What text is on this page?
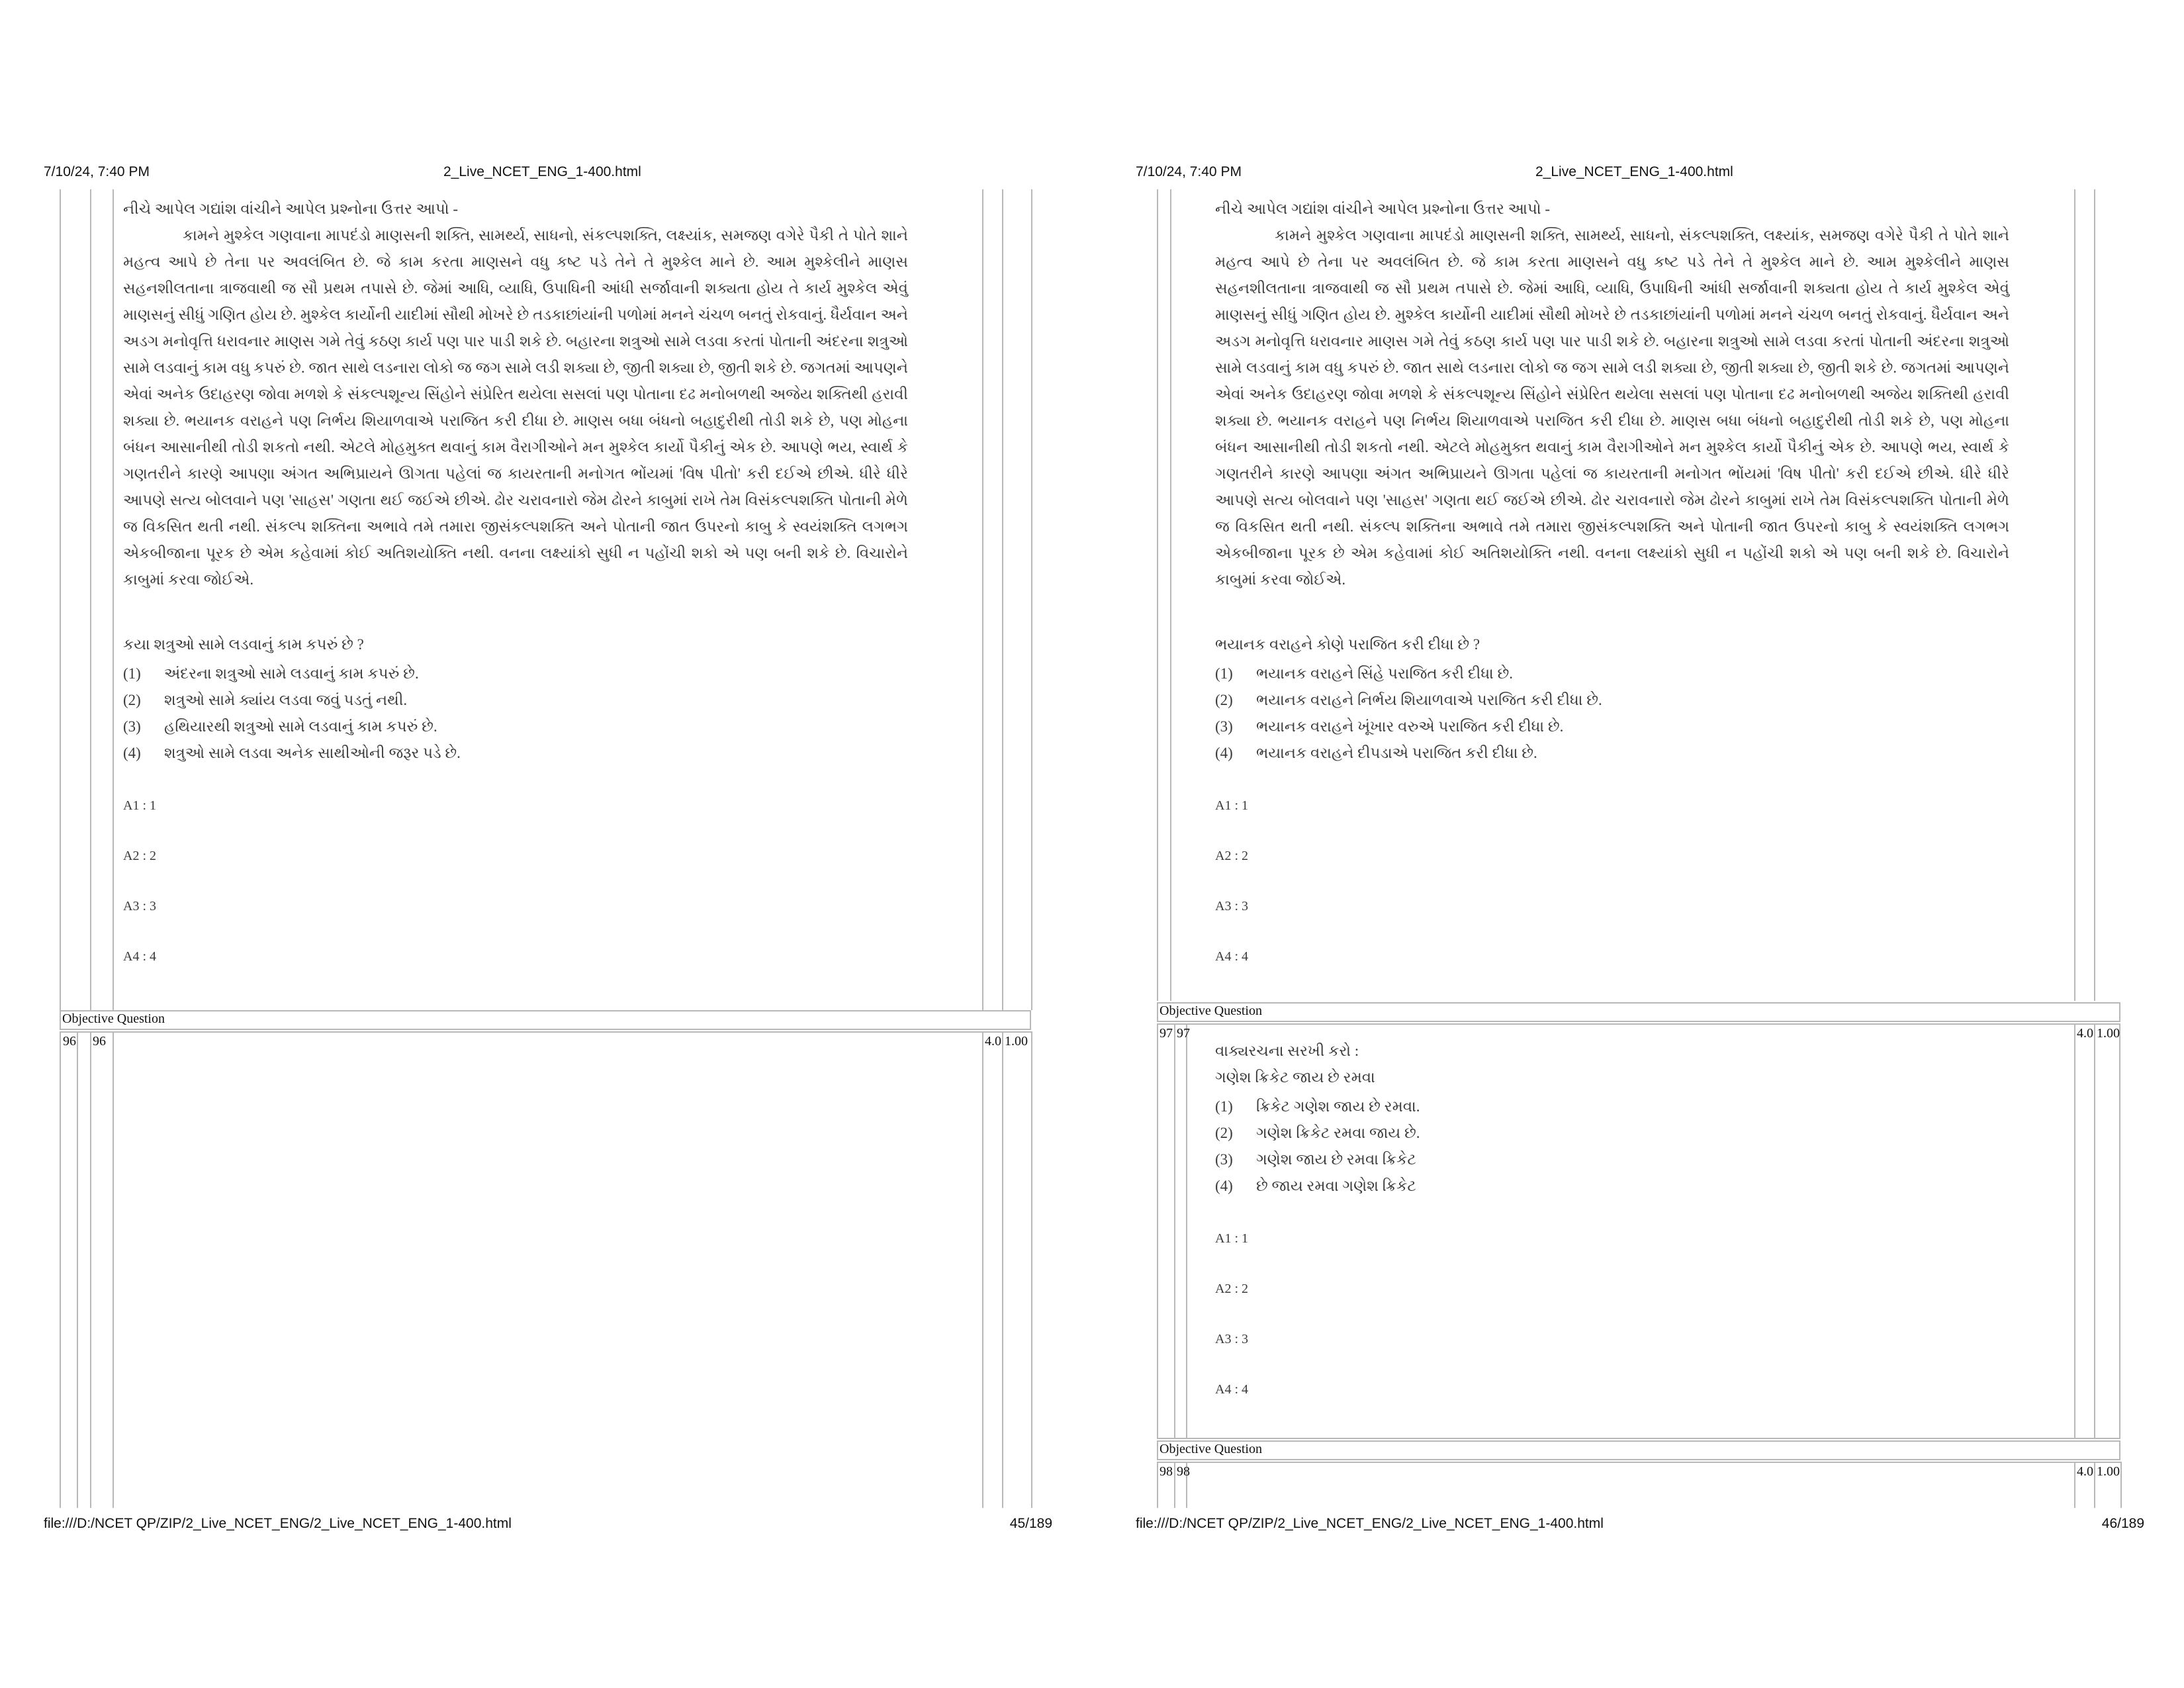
7/10/24, 7:40 PM	2_Live_NCET_ENG_1-400.html

નીચે આપેલ ગદ્યાંશ વાંચીને આપેલ પ્રશ્નોના ઉત્તર આપો -

કામને મુશ્કેલ ગણવાના માપદંડો માણસની શક્તિ, સામર્થ્ય, સાધનો, સંકલ્પશક્તિ, લક્ષ્યાંક, સમજણ વગેરે પૈકી તે પોતે શાને મહત્વ આપે છે તેના પર અવલંબિત છે. જે કામ કરતા માણસને વધુ કષ્ટ પડે તેને તે મુશ્કેલ માને છે. આમ મુશ્કેલીને માણસ સહનશીલતાના ત્રાજવાથી જ સૌ પ્રથમ તપાસે છે. જેમાં આધિ, વ્યાધિ, ઉપાધિની આંધી સર્જાવાની શક્યતા હોય તે કાર્ય મુશ્કેલ એવું માણસનું સીધું ગણિત હોય છે. મુશ્કેલ કાર્યોની યાદીમાં સૌથી મોખરે છે તડકાછાંયાંની પળોમાં મનને ચંચળ બનતું રોકવાનું. ધૈર્યવાન અને અડગ મનોવૃત્તિ ધરાવનાર માણસ ગમે તેવું કઠણ કાર્ય પણ પાર પાડી શકે છે. બહારના શત્રુઓ સામે લડવા કરતાં પોતાની અંદરના શત્રુઓ સામે લડવાનું કામ વધુ કપરું છે. જાત સાથે લડનારા લોકો જ જગ સામે લડી શક્યા છે, જીતી શક્યા છે, જીતી શકે છે. જગતમાં આપણને એવાં અનેક ઉદાહરણ જોવા મળશે કે સંકલ્પશૂન્ય સિંહોને સંપ્રેરિત થયેલા સસલાં પણ પોતાના દઢ મનોબળથી અજેય શક્તિથી હરાવી શક્યા છે. ભયાનક વરાહને પણ નિર્ભય શિયાળવાએ પરાજિત કરી દીધા છે. માણસ બધા બંધનો બહાદુરીથી તોડી શકે છે, પણ મોહના બંધન આસાનીથી તોડી શકતો નથી. એટલે મોહમુક્ત થવાનું કામ વૈરાગીઓને મન મુશ્કેલ કાર્યો પૈકીનું એક છે. આપણે ભય, સ્વાર્થ કે ગણતરીને કારણે આપણા અંગત અભિપ્રાયને ઊગતા પહેલાં જ કાયરતાની મનોગત ભોંયમાં 'વિષ પીતો' કરી દઈએ છીએ. ધીરે ધીરે આપણે સત્ય બોલવાને પણ 'સાહસ' ગણતા થઈ જઈએ છીએ. ઢોર ચરાવનારો જેમ ઢોરને કાબુમાં રાખે તેમ વિસંકલ્પશક્તિ પોતાની મેળે જ વિકસિત થતી નથી. સંકલ્પ શક્તિના અભાવે તમે તમારા જીસંકલ્પશક્તિ અને પોતાની જાત ઉપરનો કાબુ કે સ્વયંશક્તિ લગભગ એકબીજાના પૂરક છે એમ કહેવામાં કોઈ અતિશયોક્તિ નથી. વનના લક્ષ્યાંકો સુધી ન પહોંચી શકો એ પણ બની શકે છે. વિચારોને કાબુમાં કરવા જોઈએ.

કયા શત્રુઓ સામે લડવાનું કામ કપરું છે ?

(1)	અંદરના શત્રુઓ સામે લડવાનું કામ કપરું છે.
(2)	શત્રુઓ સામે ક્યાંય લડવા જવું પડતું નથી.
(3)	હથિયારથી શત્રુઓ સામે લડવાનું કામ કપરું છે.
(4)	શત્રુઓ સામે લડવા અનેક સાથીઓની જરૂર પડે છે.
A1 : 1
A2 : 2
A3 : 3
A4 : 4
Objective Question
96 96	4.0 1.00
file:///D:/NCET QP/ZIP/2_Live_NCET_ENG/2_Live_NCET_ENG_1-400.html	45/189
7/10/24, 7:40 PM	2_Live_NCET_ENG_1-400.html

નીચે આપેલ ગદ્યાંશ વાંચીને આપેલ પ્રશ્નોના ઉત્તર આપો -

કામને મુશ્કેલ ગણવાના માપદંડો માણસની શક્તિ, સામર્થ્ય, સાધનો, સંકલ્પશક્તિ, લક્ષ્યાંક, સમજણ વગેરે પૈકી તે પોતે શાને મહત્વ આપે છે તેના પર અવલંબિત છે. જે કામ કરતા માણસને વધુ કષ્ટ પડે તેને તે મુશ્કેલ માને છે. આમ મુશ્કેલીને માણસ સહનશીલતાના ત્રાજવાથી જ સૌ પ્રથમ તપાસે છે. જેમાં આધિ, વ્યાધિ, ઉપાધિની આંધી સર્જાવાની શક્યતા હોય તે કાર્ય મુશ્કેલ એવું માણસનું સીધું ગણિત હોય છે. મુશ્કેલ કાર્યોની યાદીમાં સૌથી મોખરે છે તડકાછાંયાંની પળોમાં મનને ચંચળ બનતું રોકવાનું. ધૈર્યવાન અને અડગ મનોવૃત્તિ ધરાવનાર માણસ ગમે તેવું કઠણ કાર્ય પણ પાર પાડી શકે છે. બહારના શત્રુઓ સામે લડવા કરતાં પોતાની અંદરના શત્રુઓ સામે લડવાનું કામ વધુ કપરું છે. જાત સાથે લડનારા લોકો જ જગ સામે લડી શક્યા છે, જીતી શક્યા છે, જીતી શકે છે. જગતમાં આપણને એવાં અનેક ઉદાહરણ જોવા મળશે કે સંકલ્પશૂન્ય સિંહોને સંપ્રેરિત થયેલા સસલાં પણ પોતાના દઢ મનોબળથી અજેય શક્તિથી હરાવી શક્યા છે. ભયાનક વરાહને પણ નિર્ભય શિયાળવાએ પરાજિત કરી દીધા છે. માણસ બધા બંધનો બહાદુરીથી તોડી શકે છે, પણ મોહના બંધન આસાનીથી તોડી શકતો નથી. એટલે મોહમુક્ત થવાનું કામ વૈરાગીઓને મન મુશ્કેલ કાર્યો પૈકીનું એક છે. આપણે ભય, સ્વાર્થ કે ગણતરીને કારણે આપણા અંગત અભિપ્રાયને ઊગતા પહેલાં જ કાયરતાની મનોગત ભોંયમાં 'વિષ પીતો' કરી દઈએ છીએ. ધીરે ધીરે આપણે સત્ય બોલવાને પણ 'સાહસ' ગણતા થઈ જઈએ છીએ. ઢોર ચરાવનારો જેમ ઢોરને કાબુમાં રાખે તેમ વિસંકલ્પશક્તિ પોતાની મેળે જ વિકસિત થતી નથી. સંકલ્પ શક્તિના અભાવે તમે તમારા જીસંકલ્પશક્તિ અને પોતાની જાત ઉપરનો કાબુ કે સ્વયંશક્તિ લગભગ એકબીજાના પૂરક છે એમ કહેવામાં કોઈ અતિશયોક્તિ નથી. વનના લક્ષ્યાંકો સુધી ન પહોંચી શકો એ પણ બની શકે છે. વિચારોને કાબુમાં કરવા જોઈએ.

ભયાનક વરાહને કોણે પરાજિત કરી દીધા છે ?

(1)	ભયાનક વરાહને સિંહે પરાજિત કરી દીધા છે.
(2)	ભયાનક વરાહને નિર્ભય શિયાળવાએ પરાજિત કરી દીધા છે.
(3)	ભયાનક વરાહને ખૂંખાર વરુએ પરાજિત કરી દીધા છે.
(4)	ભયાનક વરાહને દીપડાએ પરાજિત કરી દીધા છે.
A1 : 1
A2 : 2
A3 : 3
A4 : 4
Objective Question
97 97	4.0 1.00

વાક્યરચના સરખી કરો :

ગણેશ ક્રિકેટ જાય છે રમવા

(1)	ક્રિકેટ ગણેશ જાય છે રમવા.
(2)	ગણેશ ક્રિકેટ રમવા જાય છે.
(3)	ગણેશ જાય છે રમવા ક્રિકેટ
(4)	છે જાય રમવા ગણેશ ક્રિકેટ
A1 : 1
A2 : 2
A3 : 3
A4 : 4
Objective Question
98 98	4.0 1.00
file:///D:/NCET QP/ZIP/2_Live_NCET_ENG/2_Live_NCET_ENG_1-400.html	46/189
